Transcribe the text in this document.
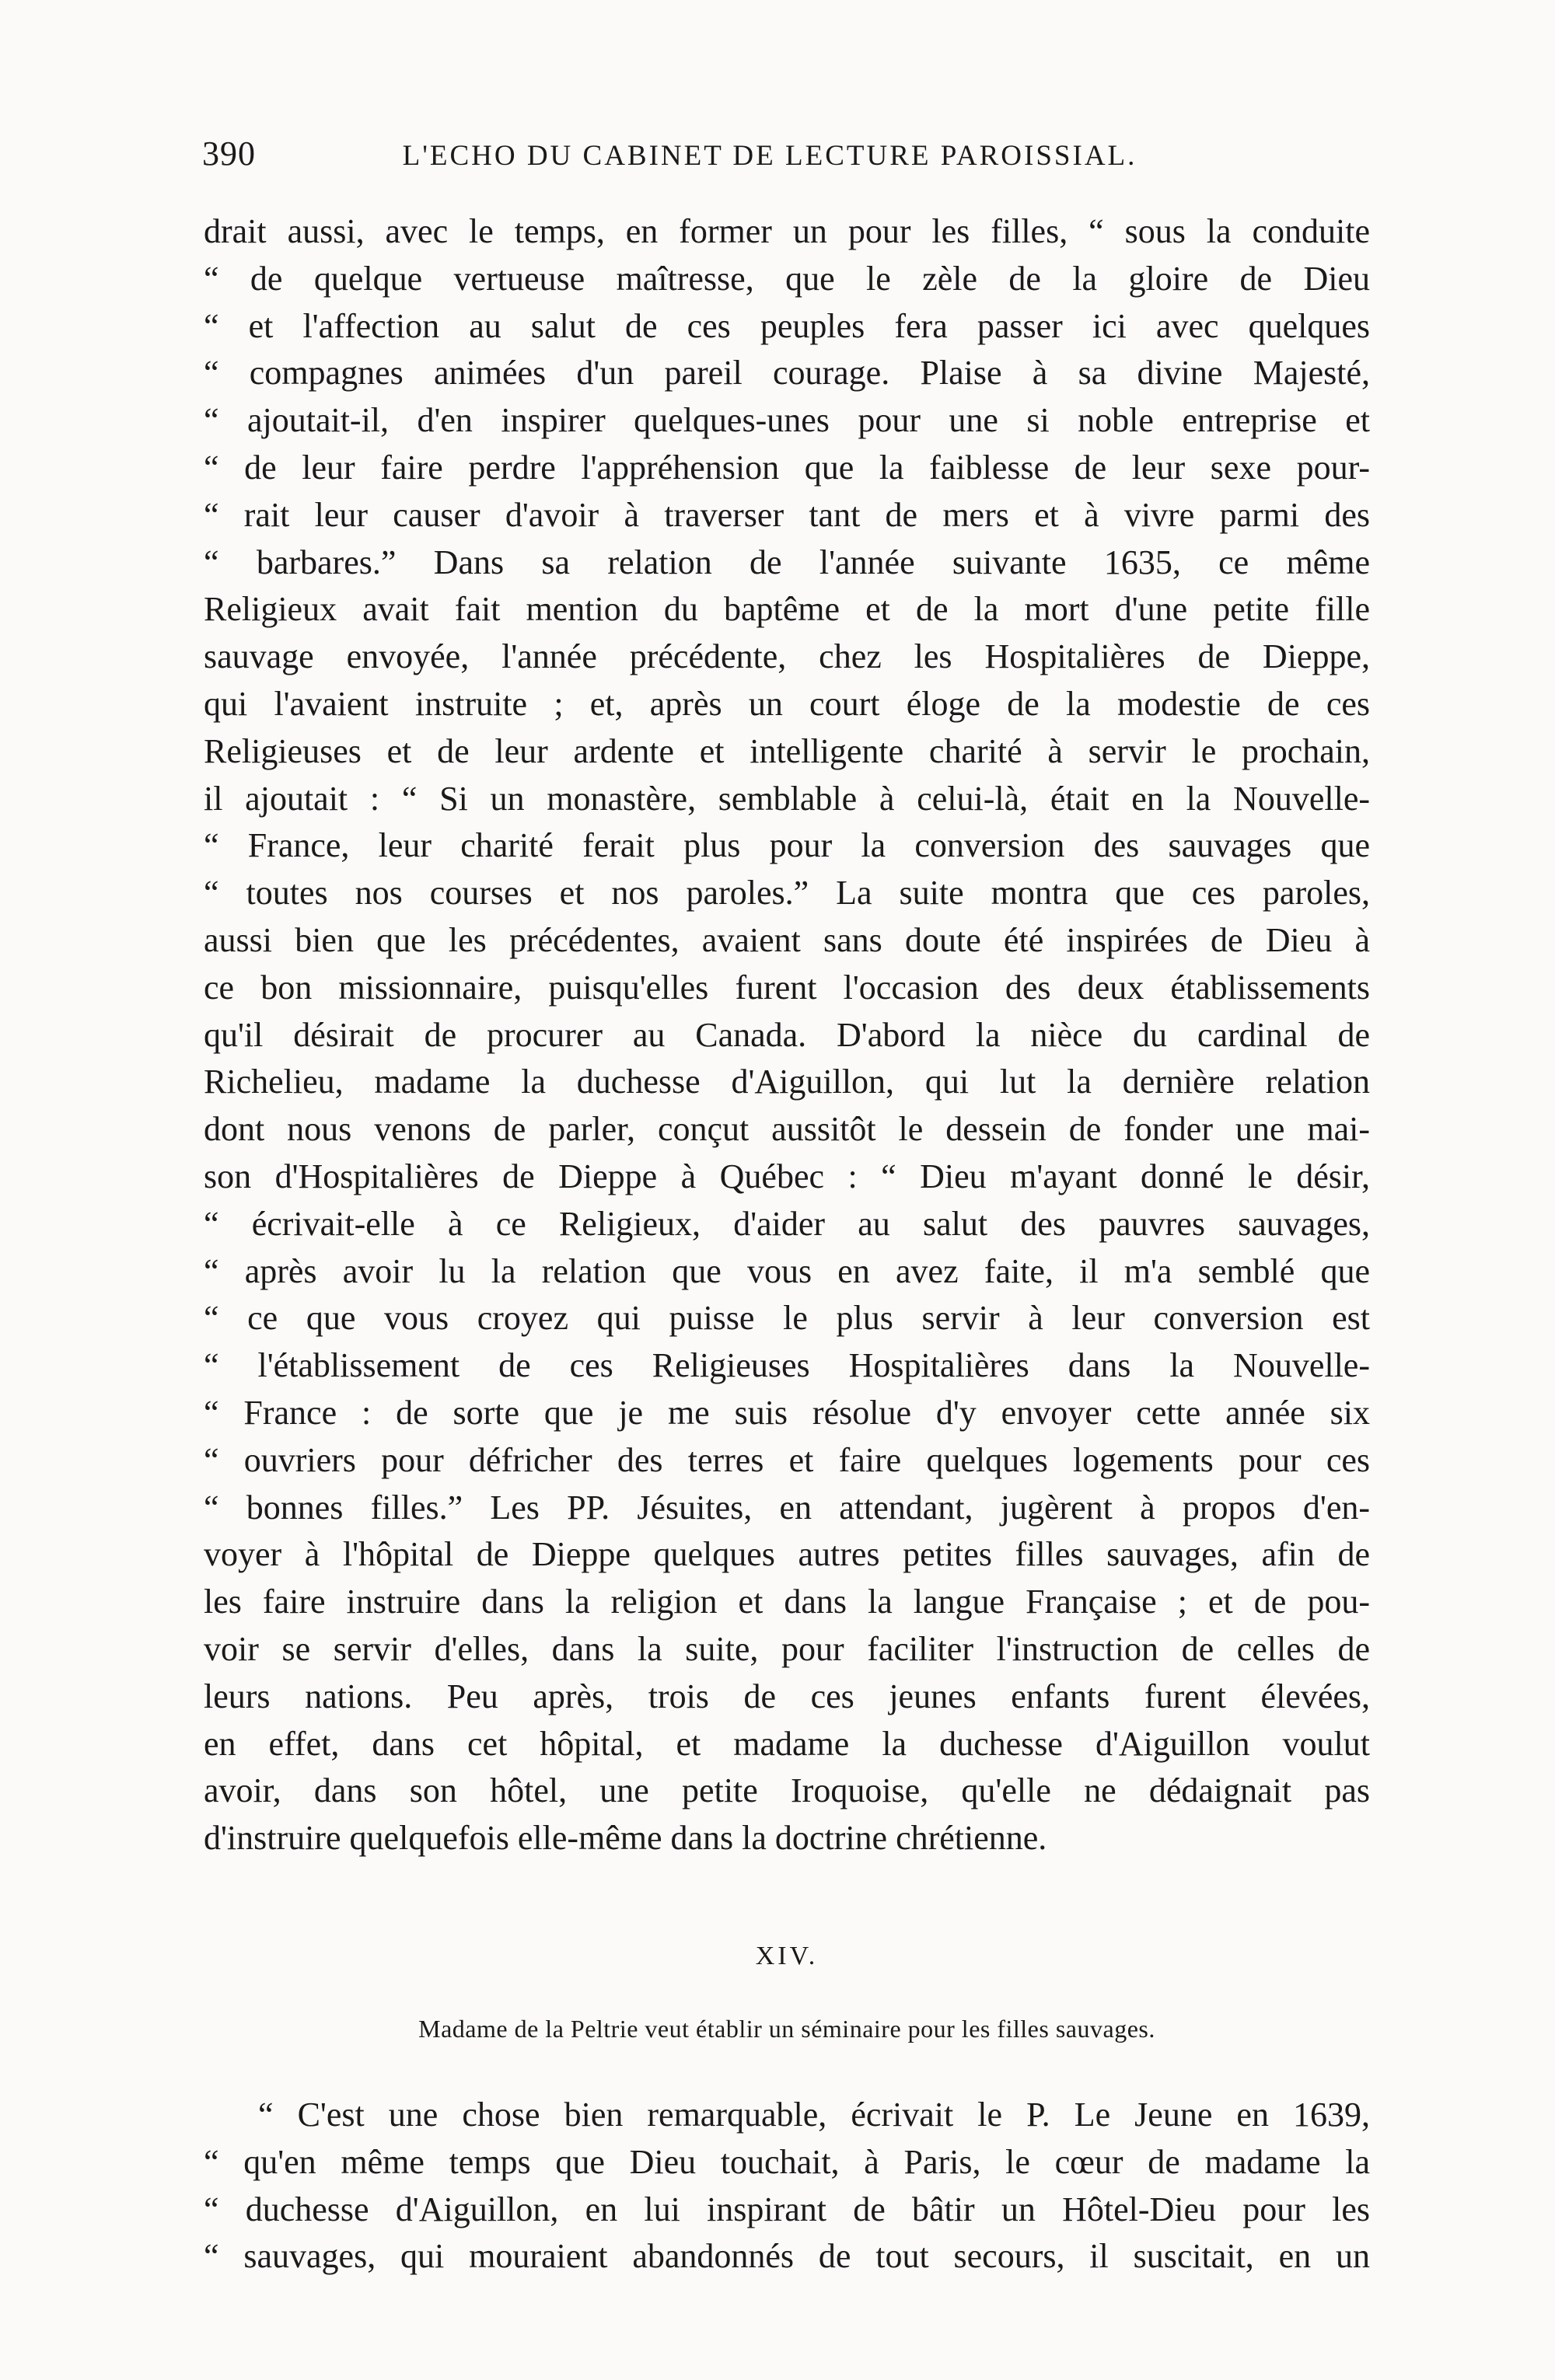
390	L'ECHO DU CABINET DE LECTURE PAROISSIAL.
drait aussi, avec le temps, en former un pour les filles, “ sous la conduite
“ de quelque vertueuse maîtresse, que le zèle de la gloire de Dieu
“ et l'affection au salut de ces peuples fera passer ici avec quelques
“ compagnes animées d'un pareil courage. Plaise à sa divine Majesté,
“ ajoutait-il, d'en inspirer quelques-unes pour une si noble entreprise et
“ de leur faire perdre l'appréhension que la faiblesse de leur sexe pour-
“ rait leur causer d'avoir à traverser tant de mers et à vivre parmi des
“ barbares.” Dans sa relation de l'année suivante 1635, ce même
Religieux avait fait mention du baptême et de la mort d'une petite fille
sauvage envoyée, l'année précédente, chez les Hospitalières de Dieppe,
qui l'avaient instruite ; et, après un court éloge de la modestie de ces
Religieuses et de leur ardente et intelligente charité à servir le prochain,
il ajoutait : “ Si un monastère, semblable à celui-là, était en la Nouvelle-
“ France, leur charité ferait plus pour la conversion des sauvages que
“ toutes nos courses et nos paroles.” La suite montra que ces paroles,
aussi bien que les précédentes, avaient sans doute été inspirées de Dieu à
ce bon missionnaire, puisqu'elles furent l'occasion des deux établissements
qu'il désirait de procurer au Canada. D'abord la nièce du cardinal de
Richelieu, madame la duchesse d'Aiguillon, qui lut la dernière relation
dont nous venons de parler, conçut aussitôt le dessein de fonder une mai-
son d'Hospitalières de Dieppe à Québec : “ Dieu m'ayant donné le désir,
“ écrivait-elle à ce Religieux, d'aider au salut des pauvres sauvages,
“ après avoir lu la relation que vous en avez faite, il m'a semblé que
“ ce que vous croyez qui puisse le plus servir à leur conversion est
“ l'établissement de ces Religieuses Hospitalières dans la Nouvelle-
“ France : de sorte que je me suis résolue d'y envoyer cette année six
“ ouvriers pour défricher des terres et faire quelques logements pour ces
“ bonnes filles.” Les PP. Jésuites, en attendant, jugèrent à propos d'en-
voyer à l'hôpital de Dieppe quelques autres petites filles sauvages, afin de
les faire instruire dans la religion et dans la langue Française ; et de pou-
voir se servir d'elles, dans la suite, pour faciliter l'instruction de celles de
leurs nations. Peu après, trois de ces jeunes enfants furent élevées,
en effet, dans cet hôpital, et madame la duchesse d'Aiguillon voulut
avoir, dans son hôtel, une petite Iroquoise, qu'elle ne dédaignait pas
d'instruire quelquefois elle-même dans la doctrine chrétienne.
XIV.
Madame de la Peltrie veut établir un séminaire pour les filles sauvages.
“ C'est une chose bien remarquable, écrivait le P. Le Jeune en 1639,
“ qu'en même temps que Dieu touchait, à Paris, le cœur de madame la
“ duchesse d'Aiguillon, en lui inspirant de bâtir un Hôtel-Dieu pour les
“ sauvages, qui mouraient abandonnés de tout secours, il suscitait, en un
